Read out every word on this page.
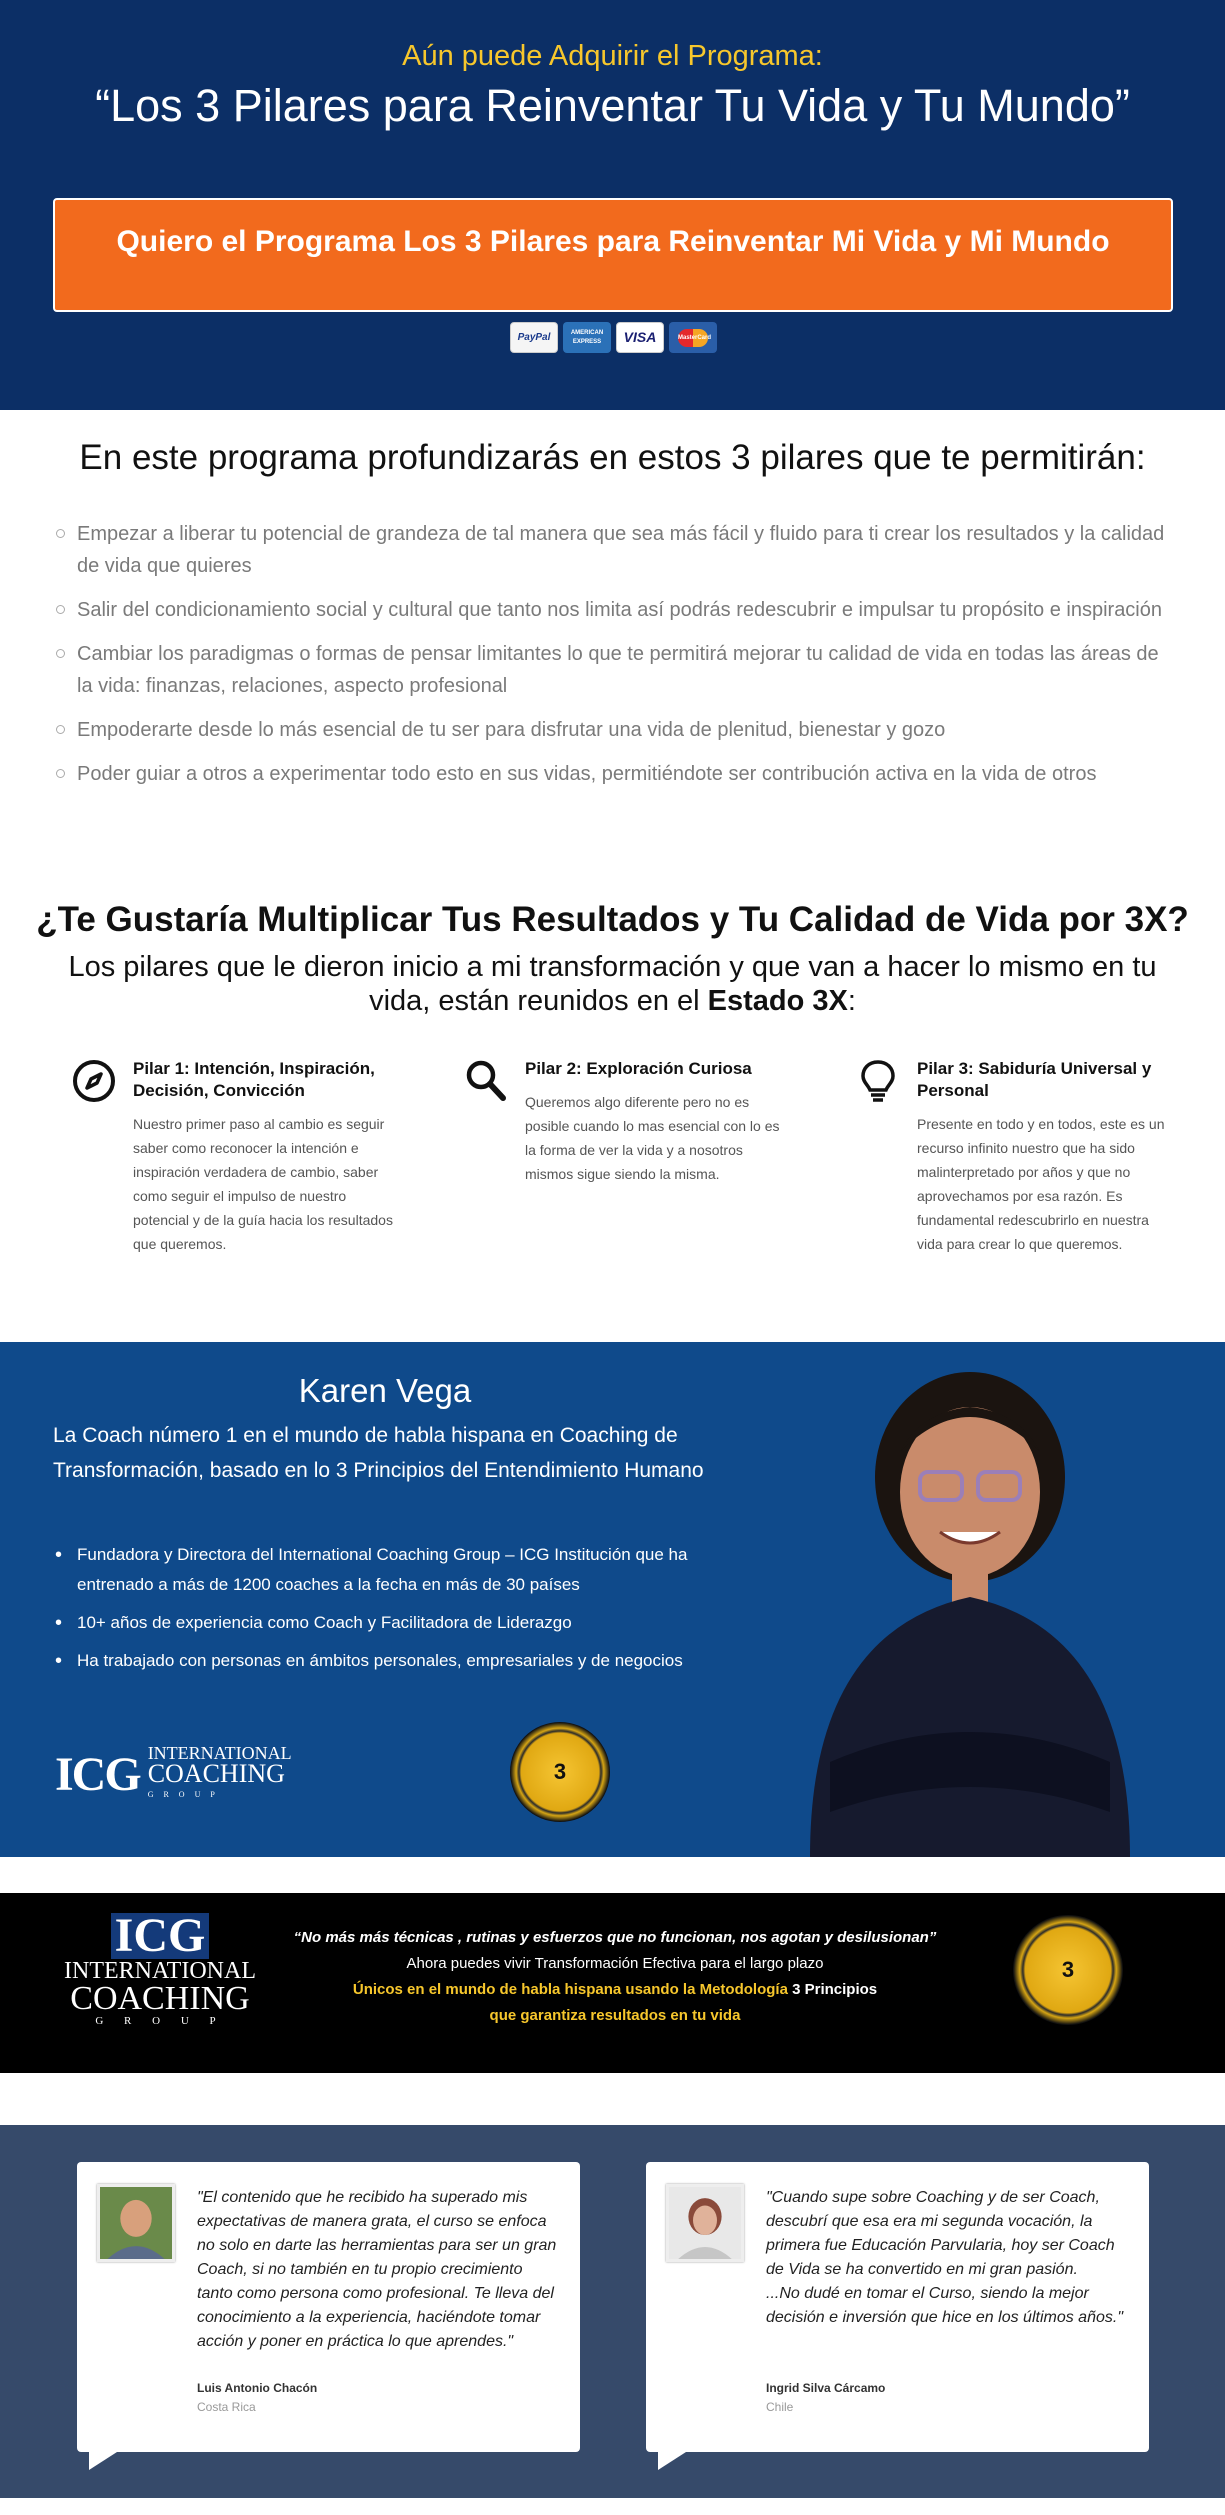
Aún puede Adquirir el Programa:
“Los 3 Pilares para Reinventar Tu Vida y Tu Mundo”
Quiero el Programa Los 3 Pilares para Reinventar Mi Vida y Mi Mundo
PayPal	AMERICAN EXPRESS	VISA	MasterCard
En este programa profundizarás en estos 3 pilares que te permitirán:
Empezar a liberar tu potencial de grandeza de tal manera que sea más fácil y fluido para ti crear los resultados y la calidad de vida que quieres
Salir del condicionamiento social y cultural que tanto nos limita así podrás redescubrir e impulsar tu propósito e inspiración
Cambiar los paradigmas o formas de pensar limitantes lo que te permitirá mejorar tu calidad de vida en todas las áreas de la vida: finanzas, relaciones, aspecto profesional
Empoderarte desde lo más esencial de tu ser para disfrutar una vida de plenitud, bienestar y gozo
Poder guiar a otros a experimentar todo esto en sus vidas, permitiéndote ser contribución activa en la vida de otros
¿Te Gustaría Multiplicar Tus Resultados y Tu Calidad de Vida por 3X?
Los pilares que le dieron inicio a mi transformación y que van a hacer lo mismo en tu vida, están reunidos en el Estado 3X:
Pilar 1: Intención, Inspiración, Decisión, Convicción

Nuestro primer paso al cambio es seguir saber como reconocer la intención e inspiración verdadera de cambio, saber como seguir el impulso de nuestro potencial y de la guía hacia los resultados que queremos.

Pilar 2: Exploración Curiosa

Queremos algo diferente pero no es posible cuando lo mas esencial con lo es la forma de ver la vida y a nosotros mismos sigue siendo la misma.

Pilar 3: Sabiduría Universal y Personal

Presente en todo y en todos, este es un recurso infinito nuestro que ha sido malinterpretado por años y que no aprovechamos por esa razón. Es fundamental redescubrirlo en nuestra vida para crear lo que queremos.

Karen Vega
La Coach número 1 en el mundo de habla hispana en Coaching de Transformación, basado en lo 3 Principios del Entendimiento Humano
• Fundadora y Directora del International Coaching Group – ICG Institución que ha entrenado a más de 1200 coaches a la fecha en más de 30 países
• 10+ años de experiencia como Coach y Facilitadora de Liderazgo
• Ha trabajado con personas en ámbitos personales, empresariales y de negocios
ICG INTERNATIONAL
COACHING
G R O U P
3
ICG
INTERNATIONAL
COACHING
G R O U P
“No más más técnicas , rutinas y esfuerzos que no funcionan, nos agotan y desilusionan”
Ahora puedes vivir Transformación Efectiva para el largo plazo
Únicos en el mundo de habla hispana usando la Metodología 3 Principios
que garantiza resultados en tu vida
3
"El contenido que he recibido ha superado mis expectativas de manera grata, el curso se enfoca no solo en darte las herramientas para ser un gran Coach, si no también en tu propio crecimiento tanto como persona como profesional. Te lleva del conocimiento a la experiencia, haciéndote tomar acción y poner en práctica lo que aprendes."
Luis Antonio Chacón
Costa Rica
"Cuando supe sobre Coaching y de ser Coach, descubrí que esa era mi segunda vocación, la primera fue Educación Parvularia, hoy ser Coach de Vida se ha convertido en mi gran pasión.
...No dudé en tomar el Curso, siendo la mejor decisión e inversión que hice en los últimos años."
Ingrid Silva Cárcamo
Chile
